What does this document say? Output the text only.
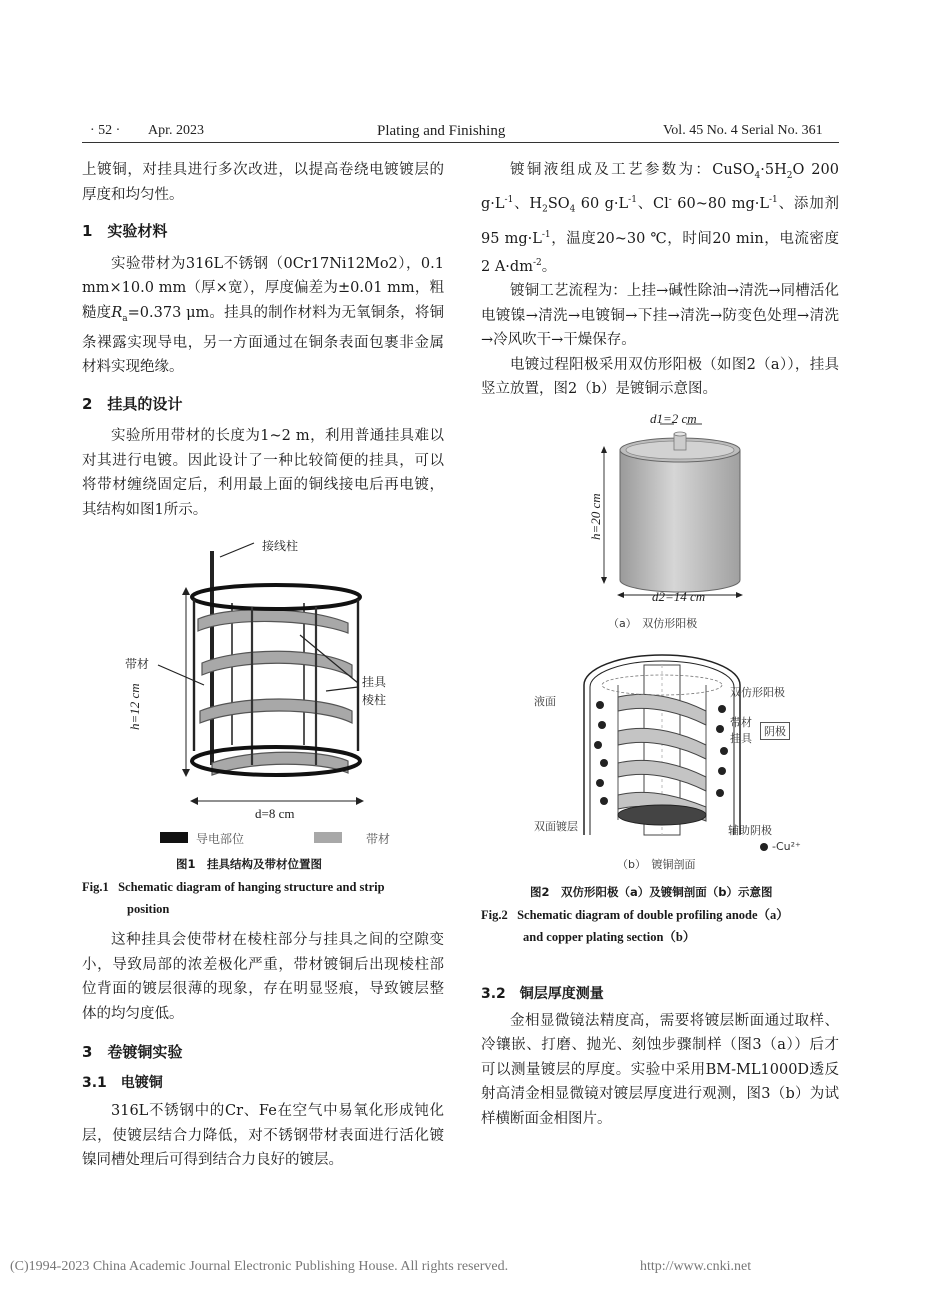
· 52 · Apr. 2023	Plating and Finishing	Vol. 45 No. 4 Serial No. 361

上镀铜，对挂具进行多次改进，以提高卷绕电镀镀层的厚度和均匀性。

1　实验材料

实验带材为316L不锈钢（0Cr17Ni12Mo2），0.1 mm×10.0 mm（厚×宽），厚度偏差为±0.01 mm，粗糙度$R_a=0.373$ μm。挂具的制作材料为无氧铜条，将铜条裸露实现导电，另一方面通过在铜条表面包裹非金属材料实现绝缘。

2　挂具的设计

实验所用带材的长度为1~2 m，利用普通挂具难以对其进行电镀。因此设计了一种比较简便的挂具，可以将带材缠绕固定后，利用最上面的铜线接电后再电镀，其结构如图1所示。

接线柱
带材
挂具
棱柱
h=12 cm
d=8 cm
导电部位	带材
图1　挂具结构及带材位置图
Fig.1 Schematic diagram of hanging structure and strip
position

这种挂具会使带材在棱柱部分与挂具之间的空隙变小，导致局部的浓差极化严重，带材镀铜后出现棱柱部位背面的镀层很薄的现象，存在明显竖痕，导致镀层整体的均匀度低。

3　卷镀铜实验
3.1　电镀铜

316L不锈钢中的Cr、Fe在空气中易氧化形成钝化层，使镀层结合力降低，对不锈钢带材表面进行活化镀镍同槽处理后可得到结合力良好的镀层。

镀铜液组成及工艺参数为：$CuSO_4\cdot 5H_2O$ 200 $g\cdot L^{-1}$、$H_2SO_4$ 60 $g\cdot L^{-1}$、Cl- 60~80 $mg\cdot L^{-1}$、添加剂95 $mg\cdot L^{-1}$，温度20~30 ℃，时间20 min，电流密度2 $A\cdot dm^{-2}$。

镀铜工艺流程为：上挂→碱性除油→清洗→同槽活化电镀镍→清洗→电镀铜→下挂→清洗→防变色处理→清洗→冷风吹干→干燥保存。

电镀过程阳极采用双仿形阳极（如图2（a）），挂具竖立放置，图2（b）是镀铜示意图。

d1=2 cm
h=20 cm
d2=14 cm
（a）　双仿形阳极
液面
双仿形阳极
带材
挂具
阴极
双面镀层	辅助阴极
-Cu²⁺
（b）　镀铜剖面
图2　双仿形阳极（a）及镀铜剖面（b）示意图
Fig.2 Schematic diagram of double profiling anode（a）
and copper plating section（b）
3.2　铜层厚度测量

金相显微镜法精度高，需要将镀层断面通过取样、冷镶嵌、打磨、抛光、刻蚀步骤制样（图3（a））后才可以测量镀层的厚度。实验中采用BM-ML1000D透反射高清金相显微镜对镀层厚度进行观测，图3（b）为试样横断面金相图片。

(C)1994-2023 China Academic Journal Electronic Publishing House. All rights reserved.	http://www.cnki.net
